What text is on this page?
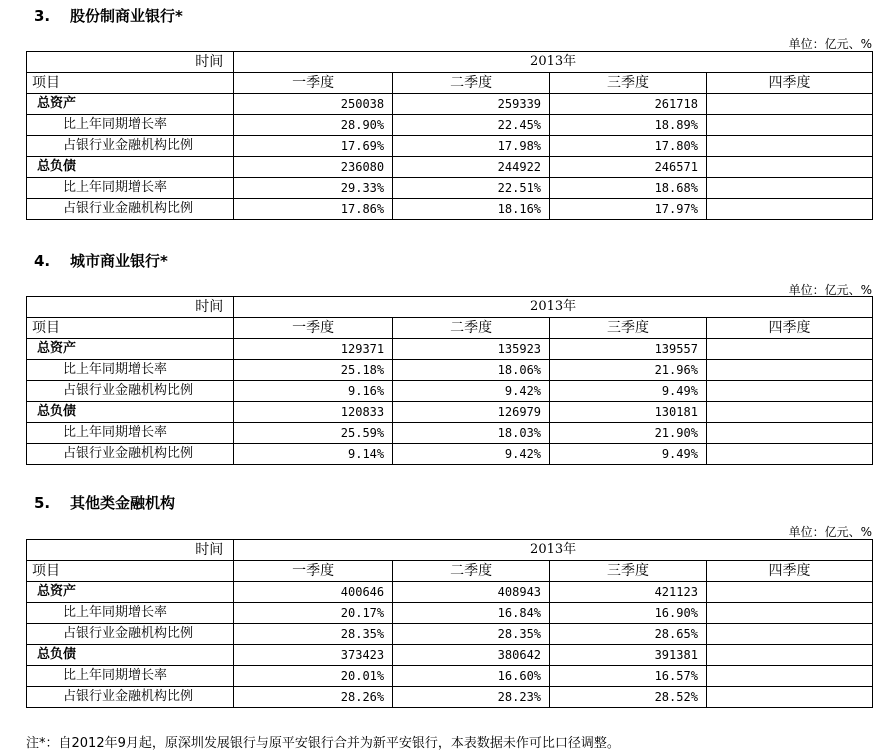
3. 股份制商业银行*
单位：亿元、%
时间	2013年			
项目	一季度	二季度	三季度	四季度
总资产	250038	259339	261718	
比上年同期增长率	28.90%	22.45%	18.89%	
占银行业金融机构比例	17.69%	17.98%	17.80%	
总负债	236080	244922	246571	
比上年同期增长率	29.33%	22.51%	18.68%	
占银行业金融机构比例	17.86%	18.16%	17.97%	
4. 城市商业银行*
单位：亿元、%
时间	2013年			
项目	一季度	二季度	三季度	四季度
总资产	129371	135923	139557	
比上年同期增长率	25.18%	18.06%	21.96%	
占银行业金融机构比例	9.16%	9.42%	9.49%	
总负债	120833	126979	130181	
比上年同期增长率	25.59%	18.03%	21.90%	
占银行业金融机构比例	9.14%	9.42%	9.49%	
5. 其他类金融机构
单位：亿元、%
时间	2013年			
项目	一季度	二季度	三季度	四季度
总资产	400646	408943	421123	
比上年同期增长率	20.17%	16.84%	16.90%	
占银行业金融机构比例	28.35%	28.35%	28.65%	
总负债	373423	380642	391381	
比上年同期增长率	20.01%	16.60%	16.57%	
占银行业金融机构比例	28.26%	28.23%	28.52%	
注*：自2012年9月起，原深圳发展银行与原平安银行合并为新平安银行，本表数据未作可比口径调整。
